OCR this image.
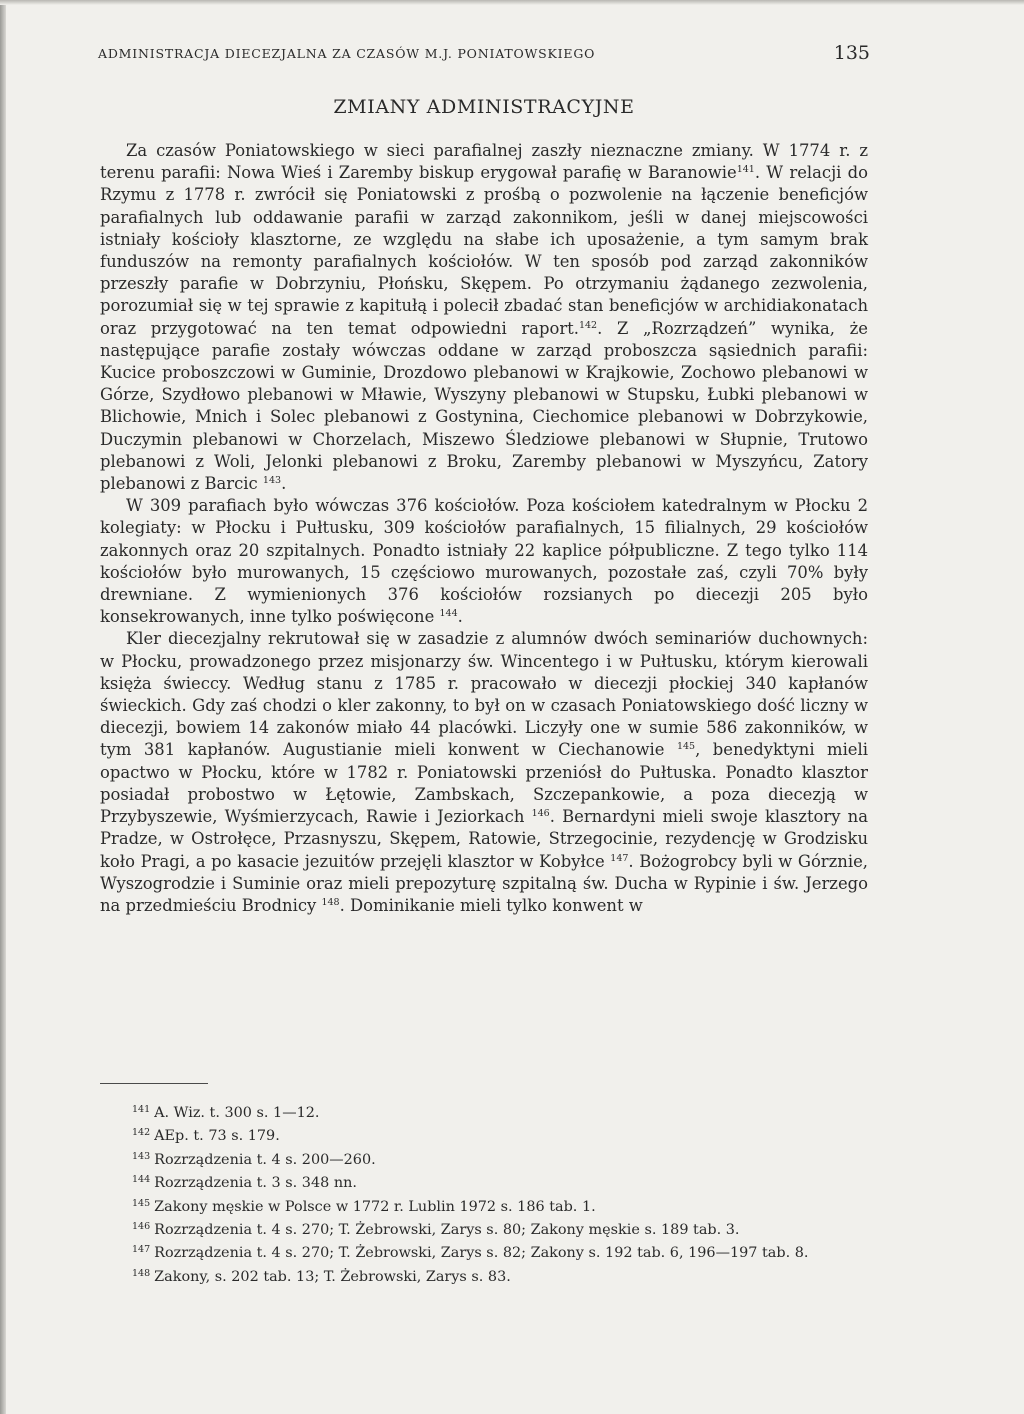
ADMINISTRACJA DIECEZJALNA ZA CZASÓW M.J. PONIATOWSKIEGO	135
ZMIANY ADMINISTRACYJNE

Za czasów Poniatowskiego w sieci parafialnej zaszły nieznaczne zmiany. W 1774 r. z terenu parafii: Nowa Wieś i Zaremby biskup erygował parafię w Baranowie$^{141}$. W relacji do Rzymu z 1778 r. zwrócił się Poniatowski z prośbą o pozwolenie na łączenie beneficjów parafialnych lub oddawanie parafii w zarząd zakonnikom, jeśli w danej miejscowości istniały kościoły klasztorne, ze względu na słabe ich uposażenie, a tym samym brak funduszów na remonty parafialnych kościołów. W ten sposób pod zarząd zakonników przeszły parafie w Dobrzyniu, Płońsku, Skępem. Po otrzymaniu żądanego zezwolenia, porozumiał się w tej sprawie z kapitułą i polecił zbadać stan beneficjów w archidiakonatach oraz przygotować na ten temat odpowiedni raport.$^{142}$. Z „Rozrządzeń” wynika, że następujące parafie zostały wówczas oddane w zarząd proboszcza sąsiednich parafii: Kucice proboszczowi w Guminie, Drozdowo plebanowi w Krajkowie, Zochowo plebanowi w Górze, Szydłowo plebanowi w Mławie, Wyszyny plebanowi w Stupsku, Łubki plebanowi w Blichowie, Mnich i Solec plebanowi z Gostynina, Ciechomice plebanowi w Dobrzykowie, Duczymin plebanowi w Chorzelach, Miszewo Śledziowe plebanowi w Słupnie, Trutowo plebanowi z Woli, Jelonki plebanowi z Broku, Zaremby plebanowi w Myszyńcu, Zatory plebanowi z Barcic $^{143}$.

W 309 parafiach było wówczas 376 kościołów. Poza kościołem katedralnym w Płocku 2 kolegiaty: w Płocku i Pułtusku, 309 kościołów parafialnych, 15 filialnych, 29 kościołów zakonnych oraz 20 szpitalnych. Ponadto istniały 22 kaplice półpubliczne. Z tego tylko 114 kościołów było murowanych, 15 częściowo murowanych, pozostałe zaś, czyli 70% były drewniane. Z wymienionych 376 kościołów rozsianych po diecezji 205 było konsekrowanych, inne tylko poświęcone $^{144}$.

Kler diecezjalny rekrutował się w zasadzie z alumnów dwóch seminariów duchownych: w Płocku, prowadzonego przez misjonarzy św. Wincentego i w Pułtusku, którym kierowali księża świeccy. Według stanu z 1785 r. pracowało w diecezji płockiej 340 kapłanów świeckich. Gdy zaś chodzi o kler zakonny, to był on w czasach Poniatowskiego dość liczny w diecezji, bowiem 14 zakonów miało 44 placówki. Liczyły one w sumie 586 zakonników, w tym 381 kapłanów. Augustianie mieli konwent w Ciechanowie $^{145}$, benedyktyni mieli opactwo w Płocku, które w 1782 r. Poniatowski przeniósł do Pułtuska. Ponadto klasztor posiadał probostwo w Łętowie, Zambskach, Szczepankowie, a poza diecezją w Przybyszewie, Wyśmierzycach, Rawie i Jeziorkach $^{146}$. Bernardyni mieli swoje klasztory na Pradze, w Ostrołęce, Przasnyszu, Skępem, Ratowie, Strzegocinie, rezydencję w Grodzisku koło Pragi, a po kasacie jezuitów przejęli klasztor w Kobyłce $^{147}$. Bożogrobcy byli w Górznie, Wyszogrodzie i Suminie oraz mieli prepozyturę szpitalną św. Ducha w Rypinie i św. Jerzego na przedmieściu Brodnicy $^{148}$. Dominikanie mieli tylko konwent w

$^{141}$ A. Wiz. t. 300 s. 1—12.
$^{142}$ AEp. t. 73 s. 179.
$^{143}$ Rozrządzenia t. 4 s. 200—260.
$^{144}$ Rozrządzenia t. 3 s. 348 nn.
$^{145}$ Zakony męskie w Polsce w 1772 r. Lublin 1972 s. 186 tab. 1.
$^{146}$ Rozrządzenia t. 4 s. 270; T. Żebrowski, Zarys s. 80; Zakony męskie s. 189 tab. 3.
$^{147}$ Rozrządzenia t. 4 s. 270; T. Żebrowski, Zarys s. 82; Zakony s. 192 tab. 6, 196—197 tab. 8.
$^{148}$ Zakony, s. 202 tab. 13; T. Żebrowski, Zarys s. 83.
